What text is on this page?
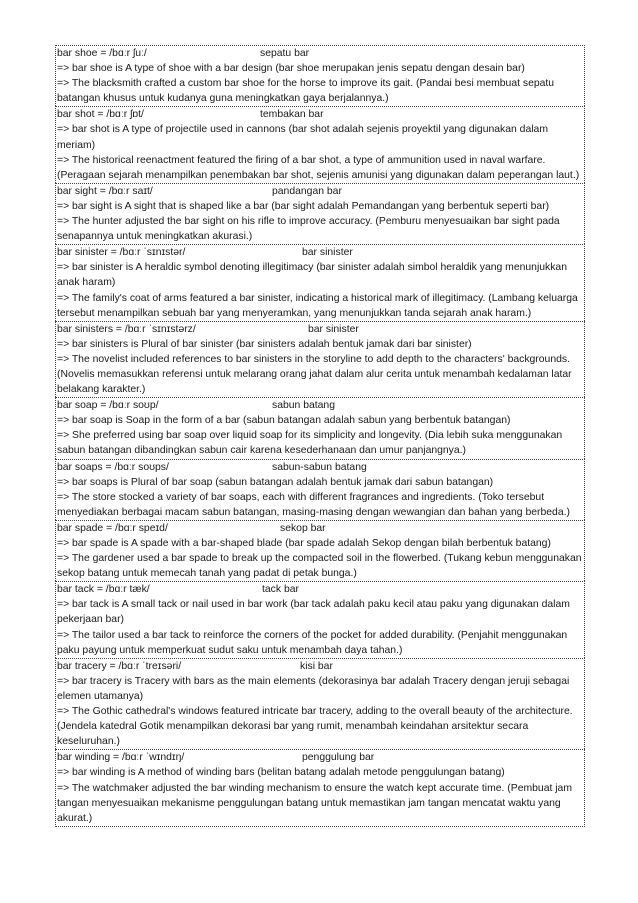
bar shoe = /bɑːr ʃuː/	sepatu bar
=> bar shoe is A type of shoe with a bar design (bar shoe merupakan jenis sepatu dengan desain bar)
=> The blacksmith crafted a custom bar shoe for the horse to improve its gait. (Pandai besi membuat sepatu batangan khusus untuk kudanya guna meningkatkan gaya berjalannya.)
bar shot = /bɑːr ʃɒt/	tembakan bar
=> bar shot is A type of projectile used in cannons (bar shot adalah sejenis proyektil yang digunakan dalam meriam)
=> The historical reenactment featured the firing of a bar shot, a type of ammunition used in naval warfare. (Peragaan sejarah menampilkan penembakan bar shot, sejenis amunisi yang digunakan dalam peperangan laut.)
bar sight = /bɑːr saɪt/	pandangan bar
=> bar sight is A sight that is shaped like a bar (bar sight adalah Pemandangan yang berbentuk seperti bar)
=> The hunter adjusted the bar sight on his rifle to improve accuracy. (Pemburu menyesuaikan bar sight pada senapannya untuk meningkatkan akurasi.)
bar sinister = /bɑːr ˈsɪnɪstər/	bar sinister
=> bar sinister is A heraldic symbol denoting illegitimacy (bar sinister adalah simbol heraldik yang menunjukkan anak haram)
=> The family's coat of arms featured a bar sinister, indicating a historical mark of illegitimacy. (Lambang keluarga tersebut menampilkan sebuah bar yang menyeramkan, yang menunjukkan tanda sejarah anak haram.)
bar sinisters = /bɑːr ˈsɪnɪstərz/	bar sinister
=> bar sinisters is Plural of bar sinister (bar sinisters adalah bentuk jamak dari bar sinister)
=> The novelist included references to bar sinisters in the storyline to add depth to the characters' backgrounds. (Novelis memasukkan referensi untuk melarang orang jahat dalam alur cerita untuk menambah kedalaman latar belakang karakter.)
bar soap = /bɑːr soʊp/	sabun batang
=> bar soap is Soap in the form of a bar (sabun batangan adalah sabun yang berbentuk batangan)
=> She preferred using bar soap over liquid soap for its simplicity and longevity. (Dia lebih suka menggunakan sabun batangan dibandingkan sabun cair karena kesederhanaan dan umur panjangnya.)
bar soaps = /bɑːr soʊps/	sabun-sabun batang
=> bar soaps is Plural of bar soap (sabun batangan adalah bentuk jamak dari sabun batangan)
=> The store stocked a variety of bar soaps, each with different fragrances and ingredients. (Toko tersebut menyediakan berbagai macam sabun batangan, masing-masing dengan wewangian dan bahan yang berbeda.)
bar spade = /bɑːr speɪd/	sekop bar
=> bar spade is A spade with a bar-shaped blade (bar spade adalah Sekop dengan bilah berbentuk batang)
=> The gardener used a bar spade to break up the compacted soil in the flowerbed. (Tukang kebun menggunakan sekop batang untuk memecah tanah yang padat di petak bunga.)
bar tack = /bɑːr tæk/	tack bar
=> bar tack is A small tack or nail used in bar work (bar tack adalah paku kecil atau paku yang digunakan dalam pekerjaan bar)
=> The tailor used a bar tack to reinforce the corners of the pocket for added durability. (Penjahit menggunakan paku payung untuk memperkuat sudut saku untuk menambah daya tahan.)
bar tracery = /bɑːr ˈtreɪsəri/	kisi bar
=> bar tracery is Tracery with bars as the main elements (dekorasinya bar adalah Tracery dengan jeruji sebagai elemen utamanya)
=> The Gothic cathedral's windows featured intricate bar tracery, adding to the overall beauty of the architecture. (Jendela katedral Gotik menampilkan dekorasi bar yang rumit, menambah keindahan arsitektur secara keseluruhan.)
bar winding = /bɑːr ˈwɪndɪŋ/	penggulung bar
=> bar winding is A method of winding bars (belitan batang adalah metode penggulungan batang)
=> The watchmaker adjusted the bar winding mechanism to ensure the watch kept accurate time. (Pembuat jam tangan menyesuaikan mekanisme penggulungan batang untuk memastikan jam tangan mencatat waktu yang akurat.)
